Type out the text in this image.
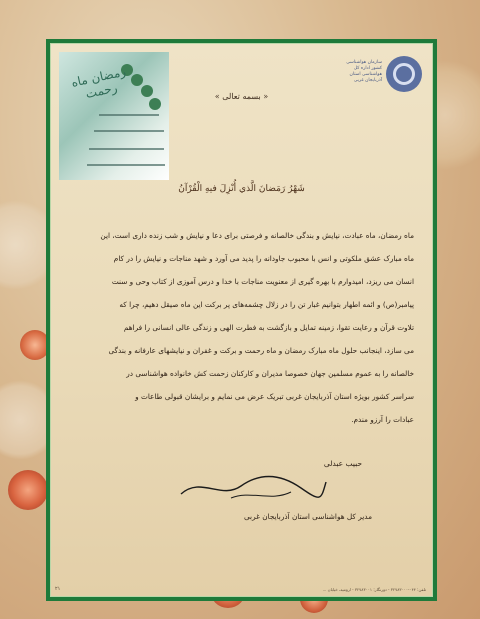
رمضان ماه رحمت
سازمان هواشناسی کشور اداره کل هواشناسی استان آذربایجان غربی
« بسمه تعالی »
شَهْرُ رَمَضانَ الَّذي أُنْزِلَ فيهِ الْقُرْآنُ
ماه رمضان، ماه عبادت، نیایش و بندگی خالصانه و فرصتی برای دعا و نیایش و شب زنده داری است، این
ماه مبارک عشق ملکوتی و انس با محبوب جاودانه را پدید می آورد و شهد مناجات و نیایش را در کام
انسان می ریزد، امیدوارم با بهره گیری از معنویت مناجات با خدا و درس آموزی از کتاب وحی و سنت
پیامبر(ص) و ائمه اطهار بتوانیم غبار تن را در زلال چشمه‌های پر برکت این ماه صیقل دهیم، چرا که
تلاوت قرآن و رعایت تقوا، زمینه تمایل و بازگشت به فطرت الهی و زندگی عالی انسانی را فراهم
می سازد، اینجانب حلول ماه مبارک رمضان و ماه رحمت و برکت و غفران و نیایشهای عارفانه و بندگی
خالصانه را به عموم مسلمین جهان خصوصا مدیران و کارکنان زحمت کش خانواده هواشناسی در
سراسر کشور بویژه استان آذربایجان غربی تبریک عرض می نمایم و برایشان قبولی طاعات و
عبادات را آرزو مندم.
حبیب عبدلی
مدیر کل هواشناسی استان آذربایجان غربی
تلفن: ۰۴۴-۳۲۷۸۳۰۰۰ - دورنگار: ۳۲۷۸۳۰۰۱ - ارومیه، خیابان ...
۲۱
